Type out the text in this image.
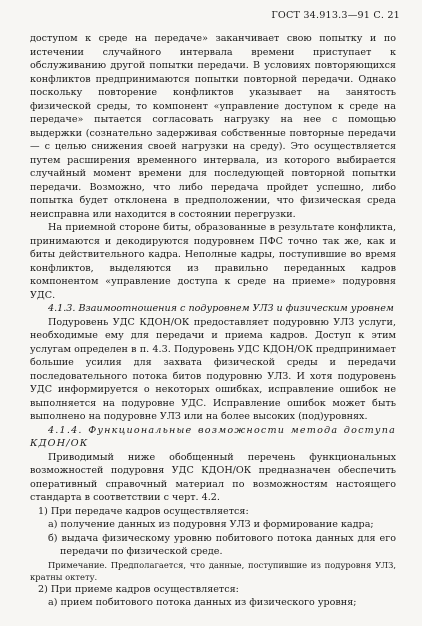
ГОСТ 34.913.3—91 С. 21

доступом к среде на передаче» заканчивает свою попытку и по истечении случайного интервала времени приступает к обслуживанию другой попытки передачи. В условиях повторяющихся конфликтов предпринимаются попытки повторной передачи. Однако поскольку повторение конфликтов указывает на занятость физической среды, то компонент «управление доступом к среде на передаче» пытается согласовать нагрузку на нее с помощью выдержки (сознательно задерживая собственные повторные передачи — с целью снижения своей нагрузки на среду). Это осуществляется путем расширения временного интервала, из которого выбирается случайный момент времени для последующей повторной попытки передачи. Возможно, что либо передача пройдет успешно, либо попытка будет отклонена в предположении, что физическая среда неисправна или находится в состоянии перегрузки.

На приемной стороне биты, образованные в результате конфликта, принимаются и декодируются подуровнем ПФС точно так же, как и биты действительного кадра. Неполные кадры, поступившие во время конфликтов, выделяются из правильно переданных кадров компонентом «управление доступа к среде на приеме» подуровня УДС.

4.1.3. Взаимоотношения с подуровнем УЛЗ и физическим уровнем

Подуровень УДС КДОН/ОК предоставляет подуровню УЛЗ услуги, необходимые ему для передачи и приема кадров. Доступ к этим услугам определен в п. 4.3. Подуровень УДС КДОН/ОК предпринимает большие усилия для захвата физической среды и передачи последовательного потока битов подуровню УЛЗ. И хотя подуровень УДС информируется о некоторых ошибках, исправление ошибок не выполняется на подуровне УДС. Исправление ошибок может быть выполнено на подуровне УЛЗ или на более высоких (под)уровнях.

4.1.4. Функциональные возможности метода доступа КДОН/ОК

Приводимый ниже обобщенный перечень функциональных возможностей подуровня УДС КДОН/ОК предназначен обеспечить оперативный справочный материал по возможностям настоящего стандарта в соответствии с черт. 4.2.

1) При передаче кадров осуществляется:

а) получение данных из подуровня УЛЗ и формирование кадра;

б) выдача физическому уровню побитового потока данных для его передачи по физической среде.

Примечание. Предполагается, что данные, поступившие из подуровня УЛЗ, кратны октету.

2) При приеме кадров осуществляется:

а) прием побитового потока данных из физического уровня;
